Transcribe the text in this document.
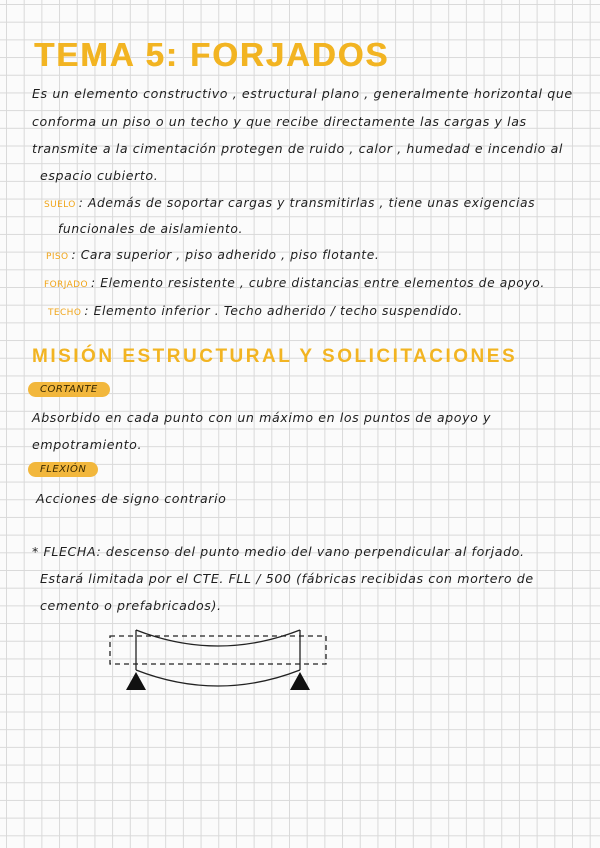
TEMA 5: FORJADOS
Es un elemento constructivo , estructural plano , generalmente horizontal que
conforma un piso o un techo y que recibe directamente las cargas y las
transmite a la cimentación protegen de ruido , calor , humedad e incendio al
espacio cubierto.
SUELO : Además de soportar cargas y transmitirlas , tiene unas exigencias
funcionales de aislamiento.
PISO : Cara superior , piso adherido , piso flotante.
FORJADO : Elemento resistente , cubre distancias entre elementos de apoyo.
TECHO : Elemento inferior . Techo adherido / techo suspendido.
MISIÓN ESTRUCTURAL Y SOLICITACIONES
CORTANTE
Absorbido en cada punto con un máximo en los puntos de apoyo y
empotramiento.
FLEXIÓN
Acciones de signo contrario
* FLECHA: descenso del punto medio del vano perpendicular al forjado.
Estará limitada por el CTE. FLL / 500 (fábricas recibidas con mortero de
cemento o prefabricados).
